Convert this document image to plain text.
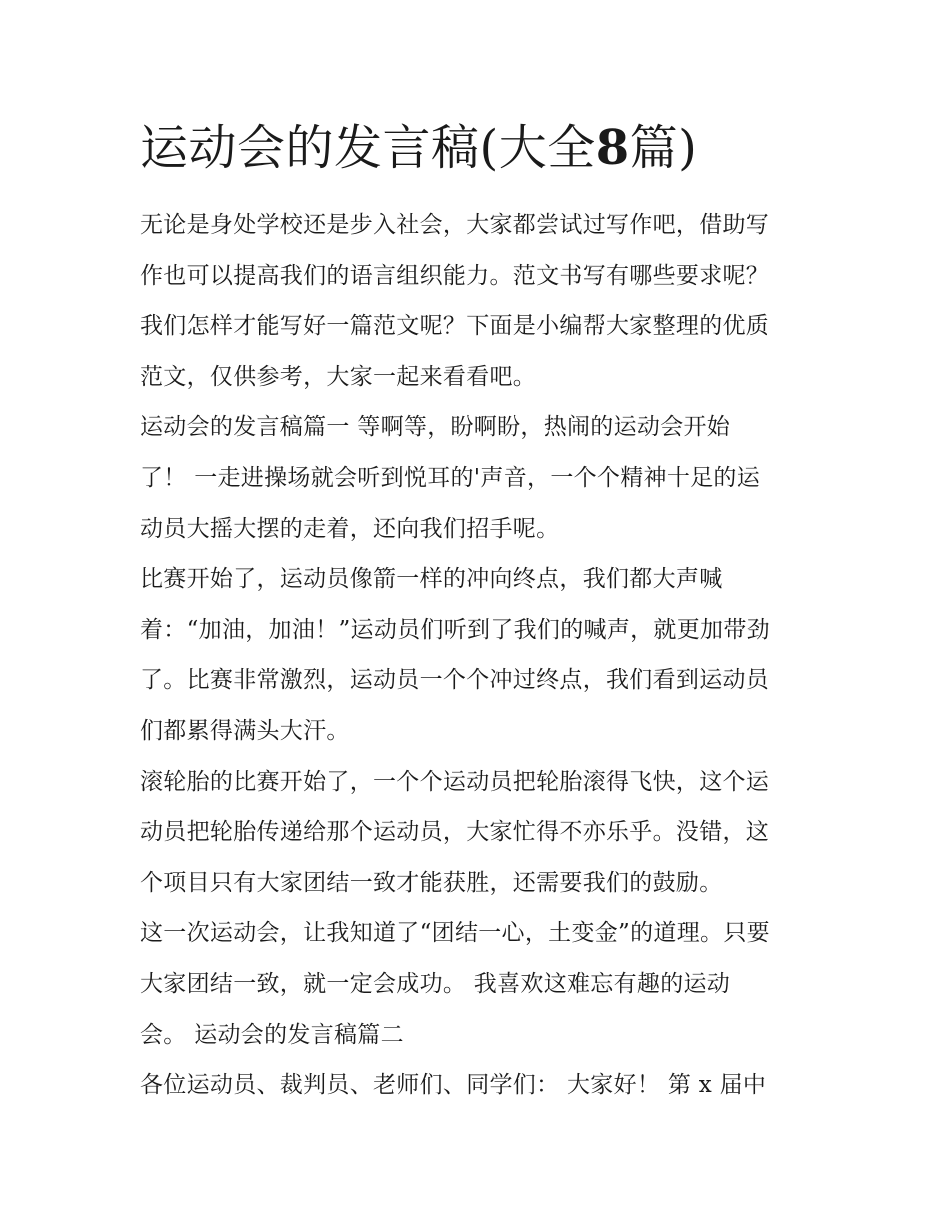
运动会的发言稿(大全8篇)

无论是身处学校还是步入社会，大家都尝试过写作吧，借助写
作也可以提高我们的语言组织能力。范文书写有哪些要求呢？
我们怎样才能写好一篇范文呢？下面是小编帮大家整理的优质
范文，仅供参考，大家一起来看看吧。

运动会的发言稿篇一 等啊等，盼啊盼，热闹的运动会开始
了！ 一走进操场就会听到悦耳的'声音，一个个精神十足的运
动员大摇大摆的走着，还向我们招手呢。

比赛开始了，运动员像箭一样的冲向终点，我们都大声喊
着：“加油，加油！”运动员们听到了我们的喊声，就更加带劲
了。比赛非常激烈，运动员一个个冲过终点，我们看到运动员
们都累得满头大汗。

滚轮胎的比赛开始了，一个个运动员把轮胎滚得飞快，这个运
动员把轮胎传递给那个运动员，大家忙得不亦乐乎。没错，这
个项目只有大家团结一致才能获胜，还需要我们的鼓励。

这一次运动会，让我知道了“团结一心，土变金”的道理。只要
大家团结一致，就一定会成功。 我喜欢这难忘有趣的运动
会。 运动会的发言稿篇二

各位运动员、裁判员、老师们、同学们： 大家好！ 第 x 届中
